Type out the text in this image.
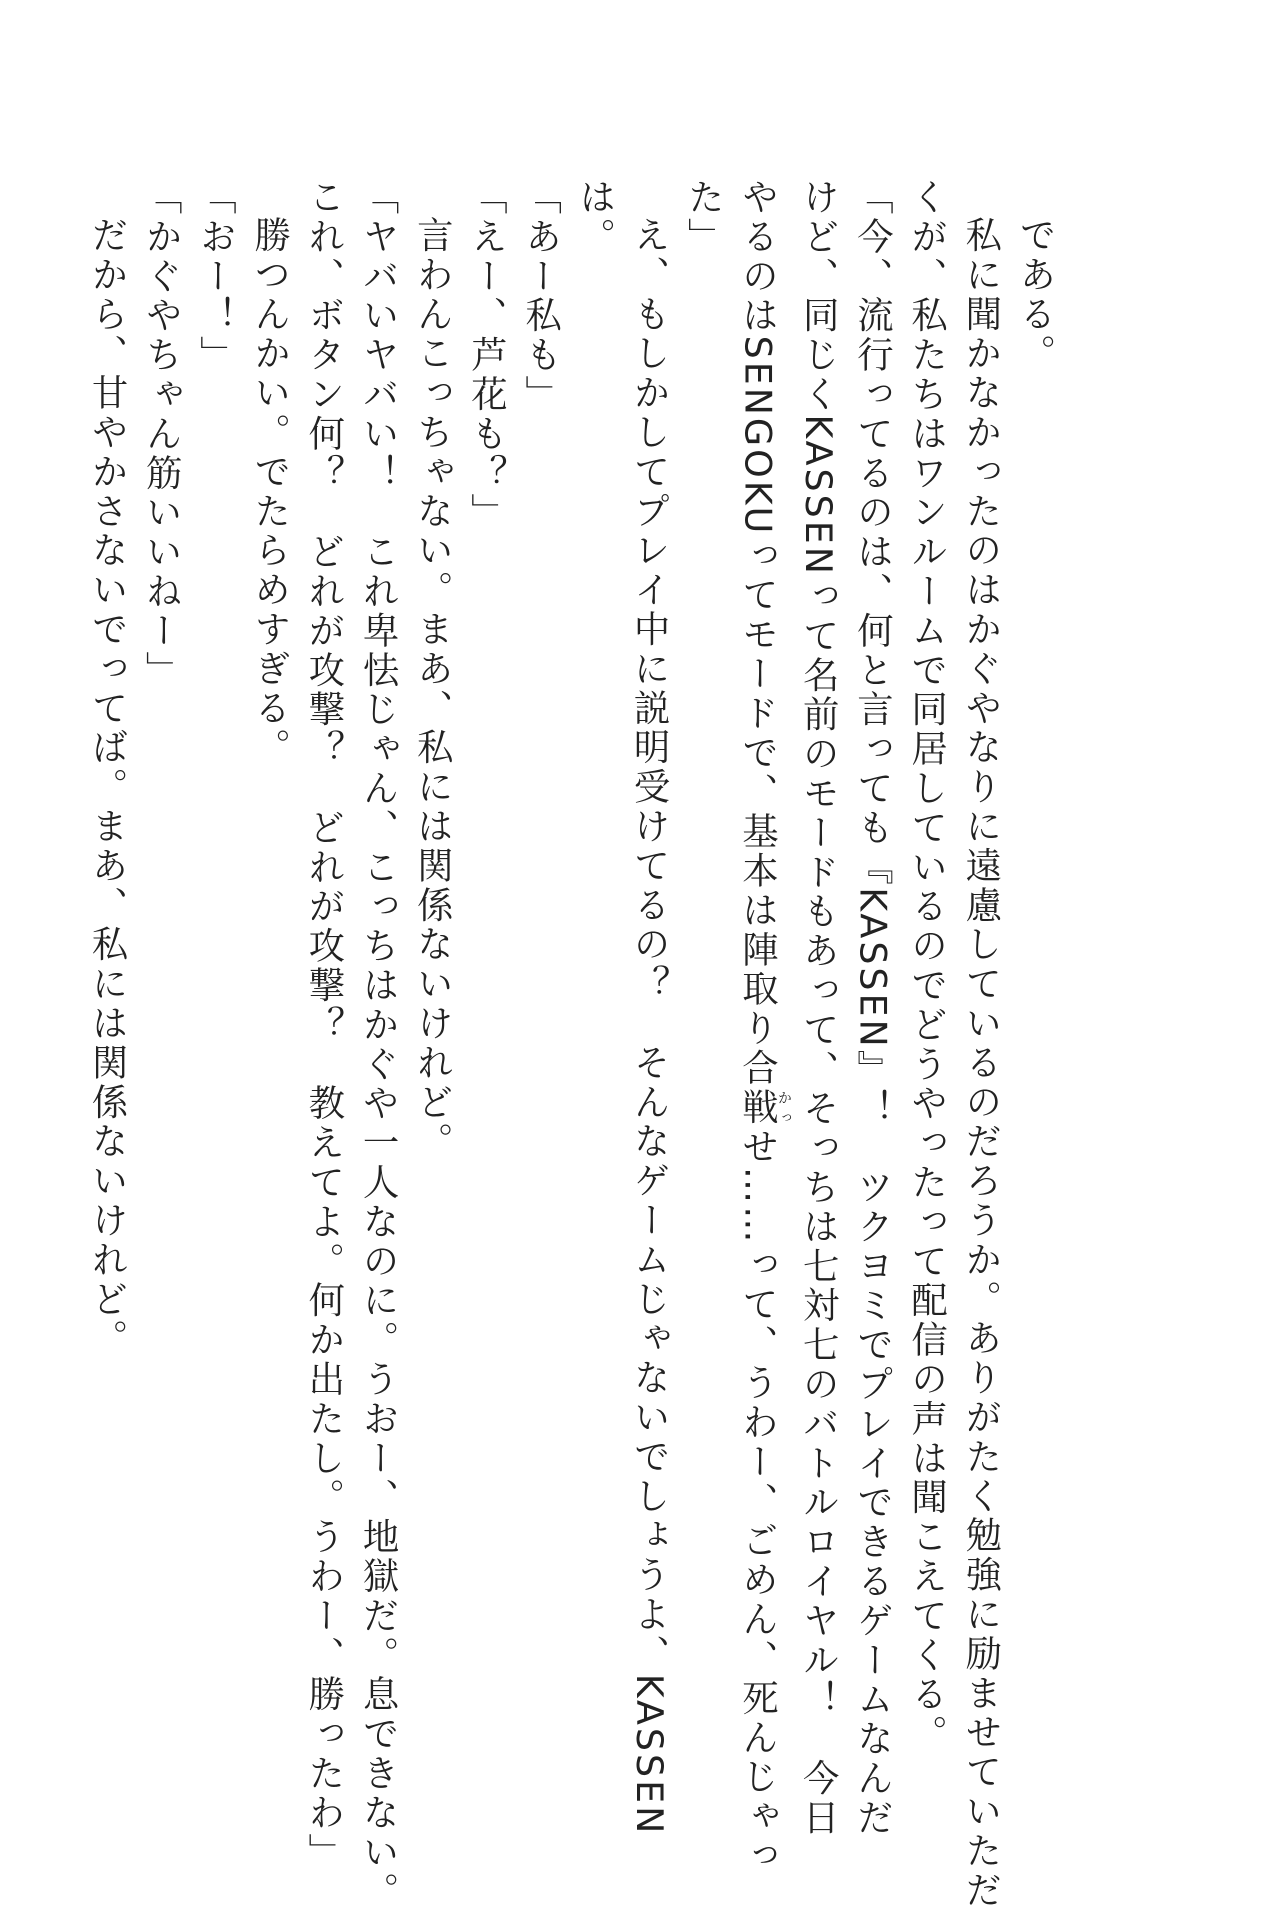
である。
私に聞かなかったのはかぐやなりに遠慮しているのだろうか。ありがたく勉強に励ませていただ
くが、私たちはワンルームで同居しているのでどうやったって配信の声は聞こえてくる。
「今、流行ってるのは、何と言っても『KASSEN』！　ツクヨミでプレイできるゲームなんだ
けど、同じくKASSENって名前のモードもあって、そっちは七対七のバトルロイヤル！　今日
やるのはSENGOKUってモードで、基本は陣取り合戦かっせ……って、うわー、ごめん、死んじゃっ
た」
え、もしかしてプレイ中に説明受けてるの？　そんなゲームじゃないでしょうよ、KASSEN
は。
「あー私も」
「えー、芦花も？」
言わんこっちゃない。まあ、私には関係ないけれど。
「ヤバいヤバい！　これ卑怯じゃん、こっちはかぐや一人なのに。うおー、地獄だ。息できない。
これ、ボタン何？　どれが攻撃？　どれが攻撃？　教えてよ。何か出たし。うわー、勝ったわ」
勝つんかい。でたらめすぎる。
「おー！」
「かぐやちゃん筋いいねー」
だから、甘やかさないでってば。まあ、私には関係ないけれど。
